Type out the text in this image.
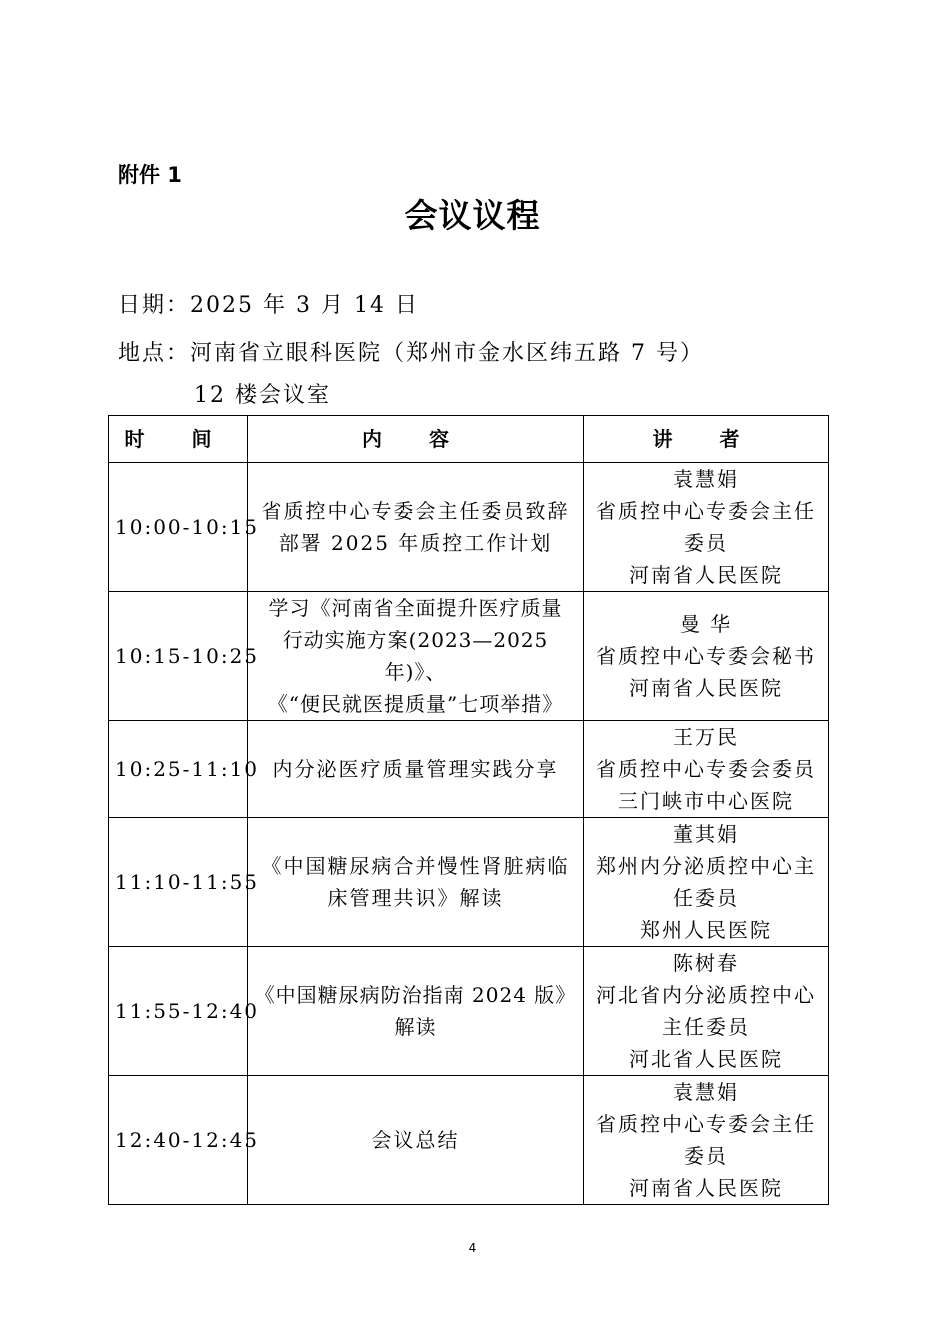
附件 1
会议议程
日期：2025 年 3 月 14 日
地点：河南省立眼科医院（郑州市金水区纬五路 7 号）
12 楼会议室
时 间	内 容	讲 者
10:00-10:15	省质控中心专委会主任委员致辞
部署 2025 年质控工作计划	袁慧娟
省质控中心专委会主任
委员
河南省人民医院

10:15-10:25	学习《河南省全面提升医疗质量
行动实施方案(2023—2025 年)》、
《“便民就医提质量”七项举措》	曼 华
省质控中心专委会秘书
河南省人民医院

10:25-11:10	内分泌医疗质量管理实践分享	王万民
省质控中心专委会委员
三门峡市中心医院

11:10-11:55	《中国糖尿病合并慢性肾脏病临
床管理共识》解读	董其娟
郑州内分泌质控中心主
任委员
郑州人民医院

11:55-12:40	《中国糖尿病防治指南 2024 版》
解读	陈树春
河北省内分泌质控中心
主任委员
河北省人民医院

12:40-12:45	会议总结	袁慧娟
省质控中心专委会主任
委员
河南省人民医院
4
